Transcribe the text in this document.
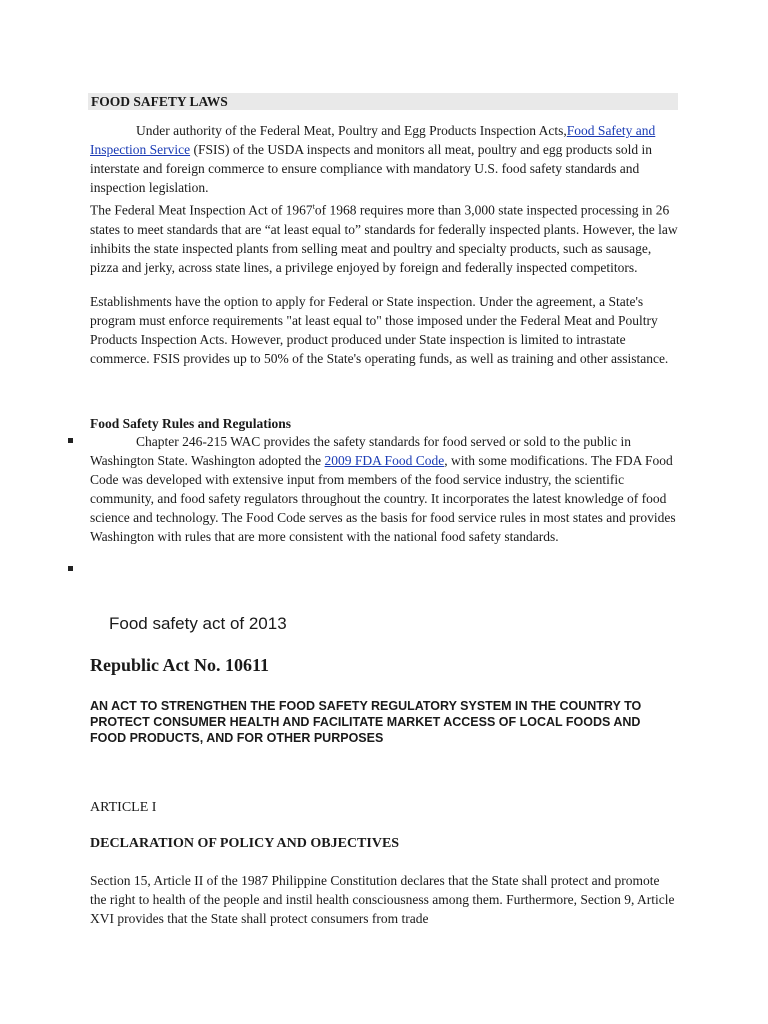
FOOD SAFETY LAWS

Under authority of the Federal Meat, Poultry and Egg Products Inspection Acts,Food Safety and Inspection Service (FSIS) of the USDA inspects and monitors all meat, poultry and egg products sold in interstate and foreign commerce to ensure compliance with mandatory U.S. food safety standards and inspection legislation.

The Federal Meat Inspection Act of 1967$^t$of 1968 requires more than 3,000 state inspected processing in 26 states to meet standards that are “at least equal to” standards for federally inspected plants. However, the law inhibits the state inspected plants from selling meat and poultry and specialty products, such as sausage, pizza and jerky, across state lines, a privilege enjoyed by foreign and federally inspected competitors.

Establishments have the option to apply for Federal or State inspection. Under the agreement, a State's program must enforce requirements "at least equal to" those imposed under the Federal Meat and Poultry Products Inspection Acts. However, product produced under State inspection is limited to intrastate commerce. FSIS provides up to 50% of the State's operating funds, as well as training and other assistance.

Food Safety Rules and Regulations

Chapter 246-215 WAC provides the safety standards for food served or sold to the public in Washington State. Washington adopted the 2009 FDA Food Code, with some modifications. The FDA Food Code was developed with extensive input from members of the food service industry, the scientific community, and food safety regulators throughout the country. It incorporates the latest knowledge of food science and technology. The Food Code serves as the basis for food service rules in most states and provides Washington with rules that are more consistent with the national food safety standards.

Food safety act of 2013
Republic Act No. 10611

AN ACT TO STRENGTHEN THE FOOD SAFETY REGULATORY SYSTEM IN THE COUNTRY TO PROTECT CONSUMER HEALTH AND FACILITATE MARKET ACCESS OF LOCAL FOODS AND FOOD PRODUCTS, AND FOR OTHER PURPOSES

ARTICLE I
DECLARATION OF POLICY AND OBJECTIVES

Section 15, Article II of the 1987 Philippine Constitution declares that the State shall protect and promote the right to health of the people and instil health consciousness among them. Furthermore, Section 9, Article XVI provides that the State shall protect consumers from trade
